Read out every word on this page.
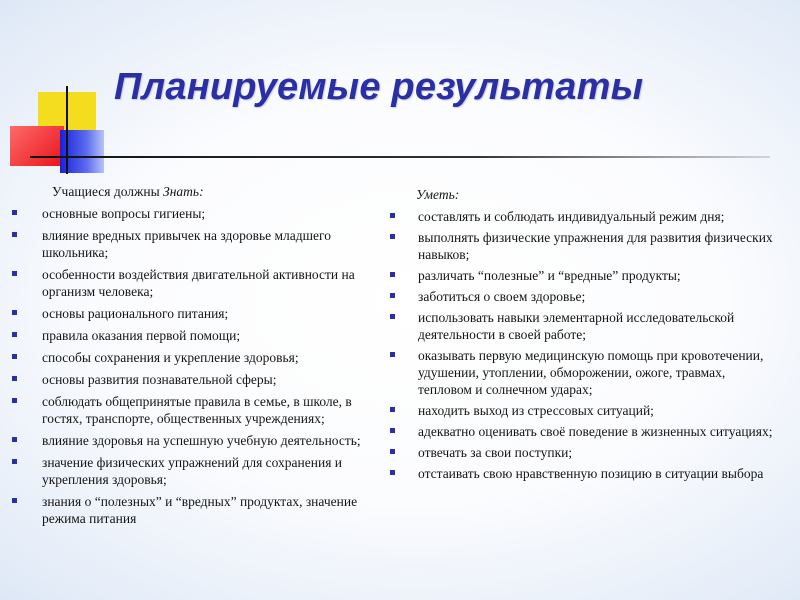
Планируемые результаты
Учащиеся должны Знать:
основные вопросы гигиены;
влияние вредных привычек на здоровье младшего школьника;
особенности воздействия двигательной активности на организм человека;
основы рационального питания;
правила оказания первой помощи;
способы сохранения и укрепление здоровья;
основы развития познавательной сферы;
соблюдать общепринятые правила в семье, в школе, в гостях, транспорте, общественных учреждениях;
влияние здоровья на успешную учебную деятельность;
значение физических упражнений для сохранения и укрепления здоровья;
знания о “полезных” и “вредных” продуктах, значение режима питания
Уметь:
составлять и соблюдать индивидуальный режим дня;
выполнять физические упражнения для развития физических навыков;
различать “полезные” и “вредные” продукты;
заботиться о своем здоровье;
использовать навыки элементарной исследовательской деятельности в своей работе;
оказывать первую медицинскую помощь при кровотечении, удушении, утоплении, обморожении, ожоге, травмах, тепловом и солнечном ударах;
находить выход из стрессовых ситуаций;
адекватно оценивать своё поведение в жизненных ситуациях;
отвечать за свои поступки;
отстаивать свою нравственную позицию в ситуации выбора
